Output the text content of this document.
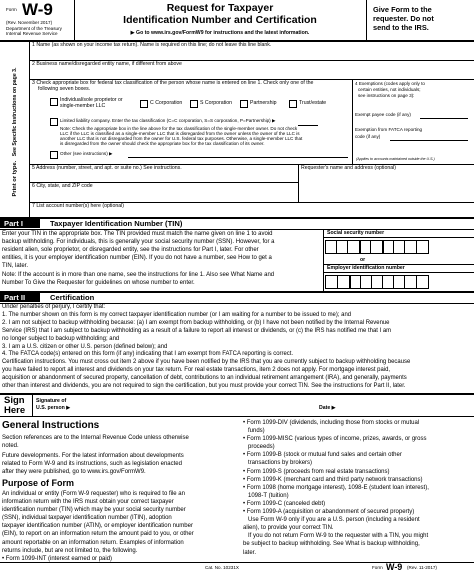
Form W-9
(Rev. November 2017)
Department of the Treasury
Internal Revenue Service
Request for Taxpayer
Identification Number and Certification
▶ Go to www.irs.gov/FormW9 for instructions and the latest information.
Give Form to the
requester. Do not
send to the IRS.
Print or type. See Specific Instructions on page 3.
1 Name (as shown on your income tax return). Name is required on this line; do not leave this line blank.
2 Business name/disregarded entity name, if different from above
3 Check appropriate box for federal tax classification of the person whose name is entered on line 1. Check only one of the
following seven boxes.
Individual/sole proprietor or
single-member LLC	C Corporation	S Corporation	Partnership	Trust/estate
Limited liability company. Enter the tax classification (C=C corporation, S=S corporation, P=Partnership) ▶
Note: Check the appropriate box in the line above for the tax classification of the single-member owner. Do not check
LLC if the LLC is classified as a single-member LLC that is disregarded from the owner unless the owner of the LLC is
another LLC that is not disregarded from the owner for U.S. federal tax purposes. Otherwise, a single-member LLC that
is disregarded from the owner should check the appropriate box for the tax classification of its owner.
Other (see instructions) ▶
4 Exemptions (codes apply only to
certain entities, not individuals;
see instructions on page 3):
Exempt payee code (if any)
Exemption from FATCA reporting
code (if any)
(Applies to accounts maintained outside the U.S.)
5 Address (number, street, and apt. or suite no.) See instructions.	Requester's name and address (optional)
6 City, state, and ZIP code
7 List account number(s) here (optional)
Part I	Taxpayer Identification Number (TIN)
Enter your TIN in the appropriate box. The TIN provided must match the name given on line 1 to avoid
backup withholding. For individuals, this is generally your social security number (SSN). However, for a
resident alien, sole proprietor, or disregarded entity, see the instructions for Part I, later. For other
entities, it is your employer identification number (EIN). If you do not have a number, see How to get a
TIN, later.
Note: If the account is in more than one name, see the instructions for line 1. Also see What Name and
Number To Give the Requester for guidelines on whose number to enter.
Social security number
or
Employer identification number
Part II	Certification
Under penalties of perjury, I certify that:
1. The number shown on this form is my correct taxpayer identification number (or I am waiting for a number to be issued to me); and
2. I am not subject to backup withholding because: (a) I am exempt from backup withholding, or (b) I have not been notified by the Internal Revenue
Service (IRS) that I am subject to backup withholding as a result of a failure to report all interest or dividends, or (c) the IRS has notified me that I am
no longer subject to backup withholding; and
3. I am a U.S. citizen or other U.S. person (defined below); and
4. The FATCA code(s) entered on this form (if any) indicating that I am exempt from FATCA reporting is correct.
Certification instructions. You must cross out item 2 above if you have been notified by the IRS that you are currently subject to backup withholding because
you have failed to report all interest and dividends on your tax return. For real estate transactions, item 2 does not apply. For mortgage interest paid,
acquisition or abandonment of secured property, cancellation of debt, contributions to an individual retirement arrangement (IRA), and generally, payments
other than interest and dividends, you are not required to sign the certification, but you must provide your correct TIN. See the instructions for Part II, later.
Sign
Here
Signature of
U.S. person ▶	Date ▶
General Instructions
Section references are to the Internal Revenue Code unless otherwise
noted.
Future developments. For the latest information about developments
related to Form W-9 and its instructions, such as legislation enacted
after they were published, go to www.irs.gov/FormW9.
Purpose of Form
An individual or entity (Form W-9 requester) who is required to file an
information return with the IRS must obtain your correct taxpayer
identification number (TIN) which may be your social security number
(SSN), individual taxpayer identification number (ITIN), adoption
taxpayer identification number (ATIN), or employer identification number
(EIN), to report on an information return the amount paid to you, or other
amount reportable on an information return. Examples of information
returns include, but are not limited to, the following.
• Form 1099-INT (interest earned or paid)
• Form 1099-DIV (dividends, including those from stocks or mutual
funds)
• Form 1099-MISC (various types of income, prizes, awards, or gross
proceeds)
• Form 1099-B (stock or mutual fund sales and certain other
transactions by brokers)
• Form 1099-S (proceeds from real estate transactions)
• Form 1099-K (merchant card and third party network transactions)
• Form 1098 (home mortgage interest), 1098-E (student loan interest),
1098-T (tuition)
• Form 1099-C (canceled debt)
• Form 1099-A (acquisition or abandonment of secured property)
Use Form W-9 only if you are a U.S. person (including a resident
alien), to provide your correct TIN.
If you do not return Form W-9 to the requester with a TIN, you might
be subject to backup withholding. See What is backup withholding,
later.
Cat. No. 10231X	Form W-9 (Rev. 11-2017)
